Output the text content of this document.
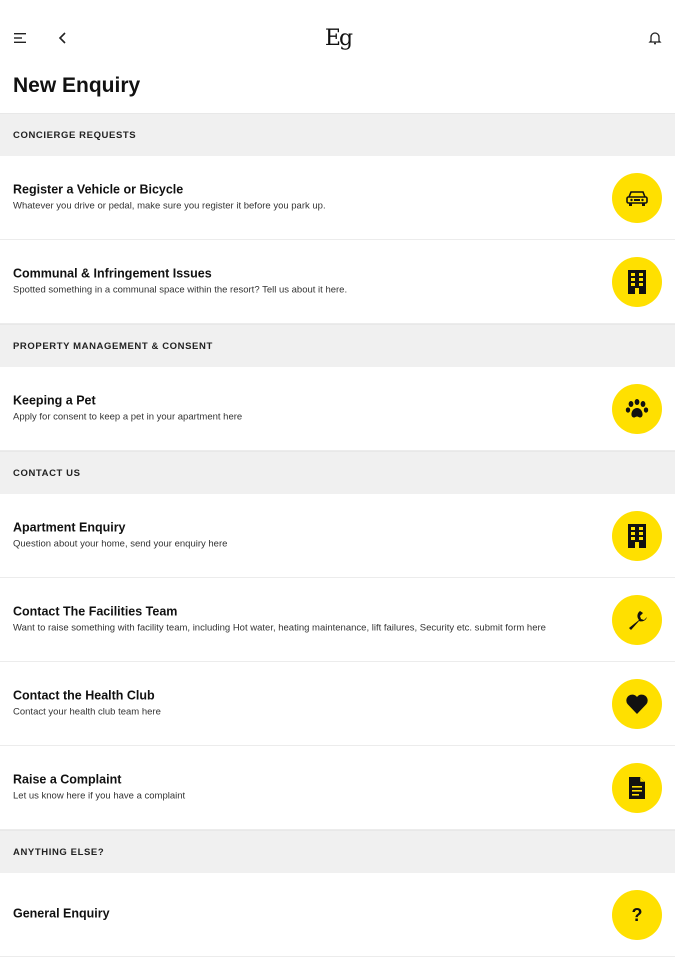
Eg
New Enquiry
CONCIERGE REQUESTS
Register a Vehicle or Bicycle
Whatever you drive or pedal, make sure you register it before you park up.
Communal & Infringement Issues
Spotted something in a communal space within the resort? Tell us about it here.
PROPERTY MANAGEMENT & CONSENT
Keeping a Pet
Apply for consent to keep a pet in your apartment here
CONTACT US
Apartment Enquiry
Question about your home, send your enquiry here
Contact The Facilities Team
Want to raise something with facility team, including Hot water, heating maintenance, lift failures, Security etc. submit form here
Contact the Health Club
Contact your health club team here
Raise a Complaint
Let us know here if you have a complaint
ANYTHING ELSE?
General Enquiry	?
